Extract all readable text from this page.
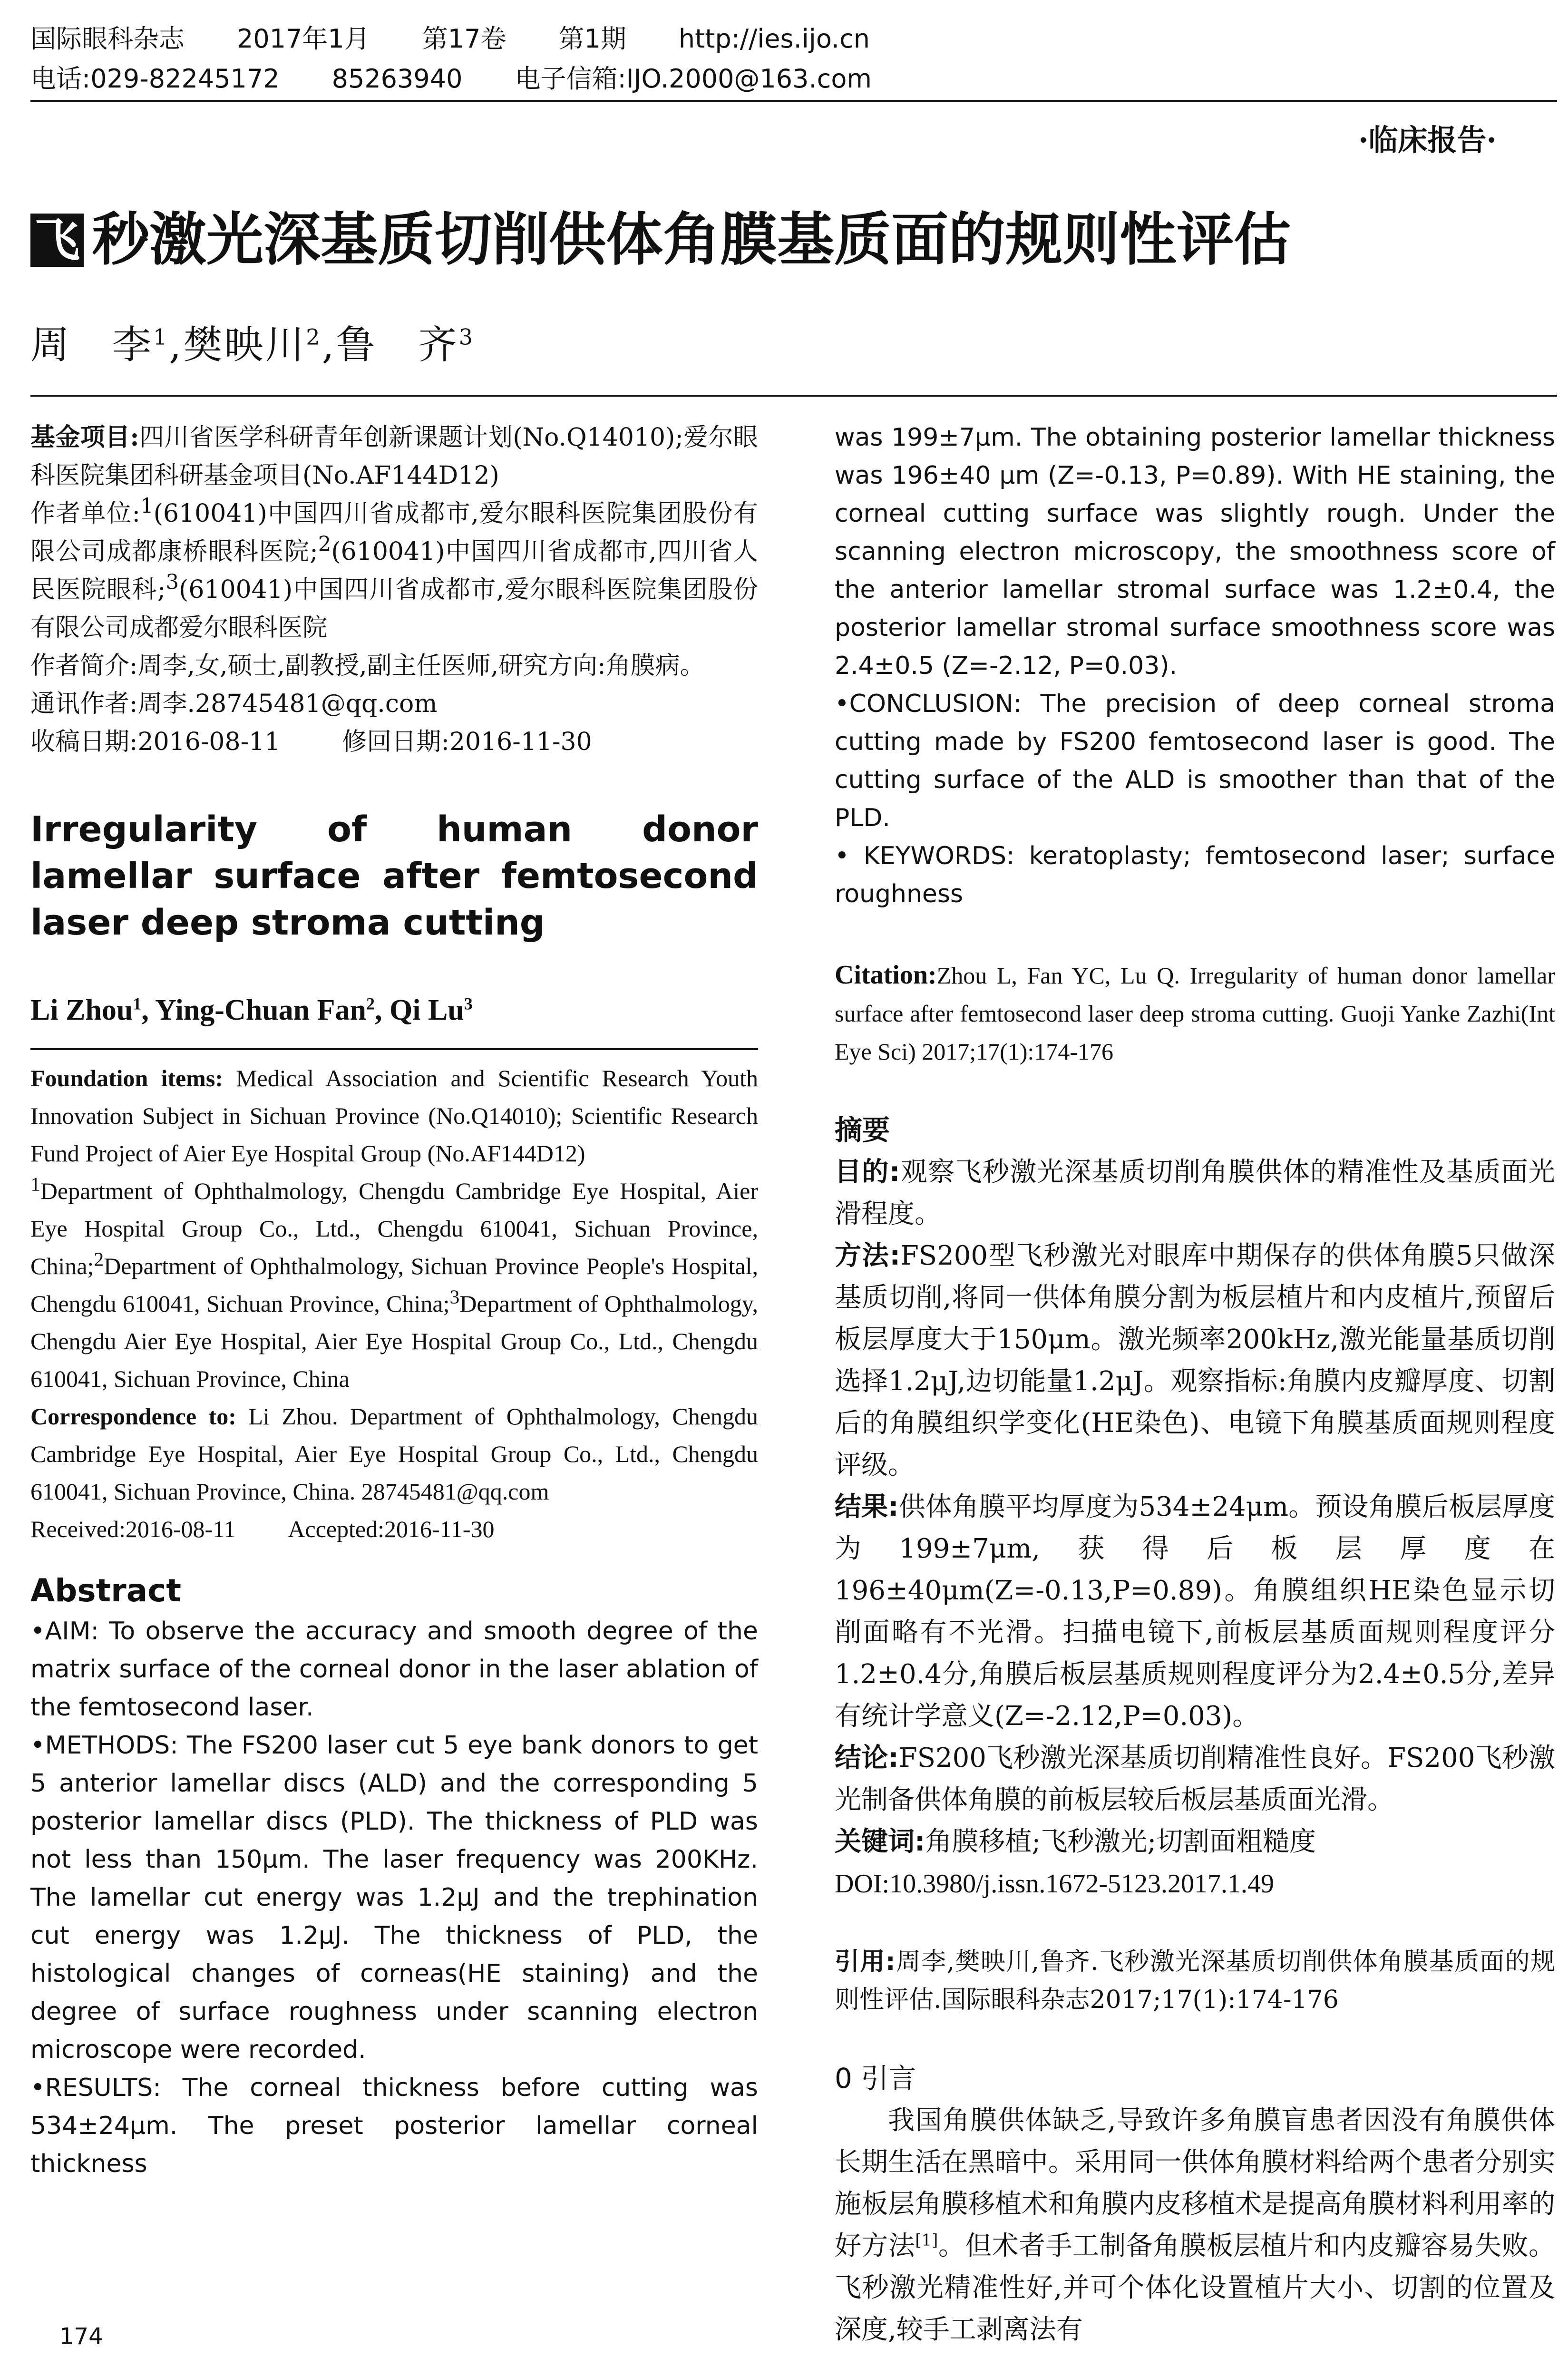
国际眼科杂志 2017年1月 第17卷 第1期 http://ies.ijo.cn
电话:029-82245172 85263940 电子信箱:IJO.2000@163.com
·临床报告·
飞 秒激光深基质切削供体角膜基质面的规则性评估
周　李$^1$,樊映川$^2$,鲁　齐$^3$

基金项目:四川省医学科研青年创新课题计划(No.Q14010);爱尔眼科医院集团科研基金项目(No.AF144D12)

作者单位:$^1$(610041)中国四川省成都市,爱尔眼科医院集团股份有限公司成都康桥眼科医院;$^2$(610041)中国四川省成都市,四川省人民医院眼科;$^3$(610041)中国四川省成都市,爱尔眼科医院集团股份有限公司成都爱尔眼科医院

作者简介:周李,女,硕士,副教授,副主任医师,研究方向:角膜病。

通讯作者:周李.28745481@qq.com

收稿日期:2016-08-11	修回日期:2016-11-30

Irregularity of human donor lamellar surface after femtosecond laser deep stroma cutting
Li Zhou$^1$, Ying-Chuan Fan$^2$, Qi Lu$^3$

Foundation items: Medical Association and Scientific Research Youth Innovation Subject in Sichuan Province (No.Q14010); Scientific Research Fund Project of Aier Eye Hospital Group (No.AF144D12)

$^1$Department of Ophthalmology, Chengdu Cambridge Eye Hospital, Aier Eye Hospital Group Co., Ltd., Chengdu 610041, Sichuan Province, China;$^2$Department of Ophthalmology, Sichuan Province People's Hospital, Chengdu 610041, Sichuan Province, China;$^3$Department of Ophthalmology, Chengdu Aier Eye Hospital, Aier Eye Hospital Group Co., Ltd., Chengdu 610041, Sichuan Province, China

Correspondence to: Li Zhou. Department of Ophthalmology, Chengdu Cambridge Eye Hospital, Aier Eye Hospital Group Co., Ltd., Chengdu 610041, Sichuan Province, China. 28745481@qq.com

Received:2016-08-11 Accepted:2016-11-30

Abstract

•AIM: To observe the accuracy and smooth degree of the matrix surface of the corneal donor in the laser ablation of the femtosecond laser.

•METHODS: The FS200 laser cut 5 eye bank donors to get 5 anterior lamellar discs (ALD) and the corresponding 5 posterior lamellar discs (PLD). The thickness of PLD was not less than 150μm. The laser frequency was 200KHz. The lamellar cut energy was 1.2μJ and the trephination cut energy was 1.2μJ. The thickness of PLD, the histological changes of corneas(HE staining) and the degree of surface roughness under scanning electron microscope were recorded.

•RESULTS: The corneal thickness before cutting was 534±24μm. The preset posterior lamellar corneal thickness

was 199±7μm. The obtaining posterior lamellar thickness was 196±40 μm (Z=-0.13, P=0.89). With HE staining, the corneal cutting surface was slightly rough. Under the scanning electron microscopy, the smoothness score of the anterior lamellar stromal surface was 1.2±0.4, the posterior lamellar stromal surface smoothness score was 2.4±0.5 (Z=-2.12, P=0.03).

•CONCLUSION: The precision of deep corneal stroma cutting made by FS200 femtosecond laser is good. The cutting surface of the ALD is smoother than that of the PLD.

• KEYWORDS: keratoplasty; femtosecond laser; surface roughness

Citation:Zhou L, Fan YC, Lu Q. Irregularity of human donor lamellar surface after femtosecond laser deep stroma cutting. Guoji Yanke Zazhi(Int Eye Sci) 2017;17(1):174-176

摘要

目的:观察飞秒激光深基质切削角膜供体的精准性及基质面光滑程度。

方法:FS200型飞秒激光对眼库中期保存的供体角膜5只做深基质切削,将同一供体角膜分割为板层植片和内皮植片,预留后板层厚度大于150μm。激光频率200kHz,激光能量基质切削选择1.2μJ,边切能量1.2μJ。观察指标:角膜内皮瓣厚度、切割后的角膜组织学变化(HE染色)、电镜下角膜基质面规则程度评级。

结果:供体角膜平均厚度为534±24μm。预设角膜后板层厚度为199±7μm,获得后板层厚度在196±40μm(Z=-0.13,P=0.89)。角膜组织HE染色显示切削面略有不光滑。扫描电镜下,前板层基质面规则程度评分1.2±0.4分,角膜后板层基质规则程度评分为2.4±0.5分,差异有统计学意义(Z=-2.12,P=0.03)。

结论:FS200飞秒激光深基质切削精准性良好。FS200飞秒激光制备供体角膜的前板层较后板层基质面光滑。

关键词:角膜移植;飞秒激光;切割面粗糙度

DOI:10.3980/j.issn.1672-5123.2017.1.49

引用:周李,樊映川,鲁齐.飞秒激光深基质切削供体角膜基质面的规则性评估.国际眼科杂志2017;17(1):174-176

0 引言

我国角膜供体缺乏,导致许多角膜盲患者因没有角膜供体长期生活在黑暗中。采用同一供体角膜材料给两个患者分别实施板层角膜移植术和角膜内皮移植术是提高角膜材料利用率的好方法[1]。但术者手工制备角膜板层植片和内皮瓣容易失败。飞秒激光精准性好,并可个体化设置植片大小、切割的位置及深度,较手工剥离法有

174
